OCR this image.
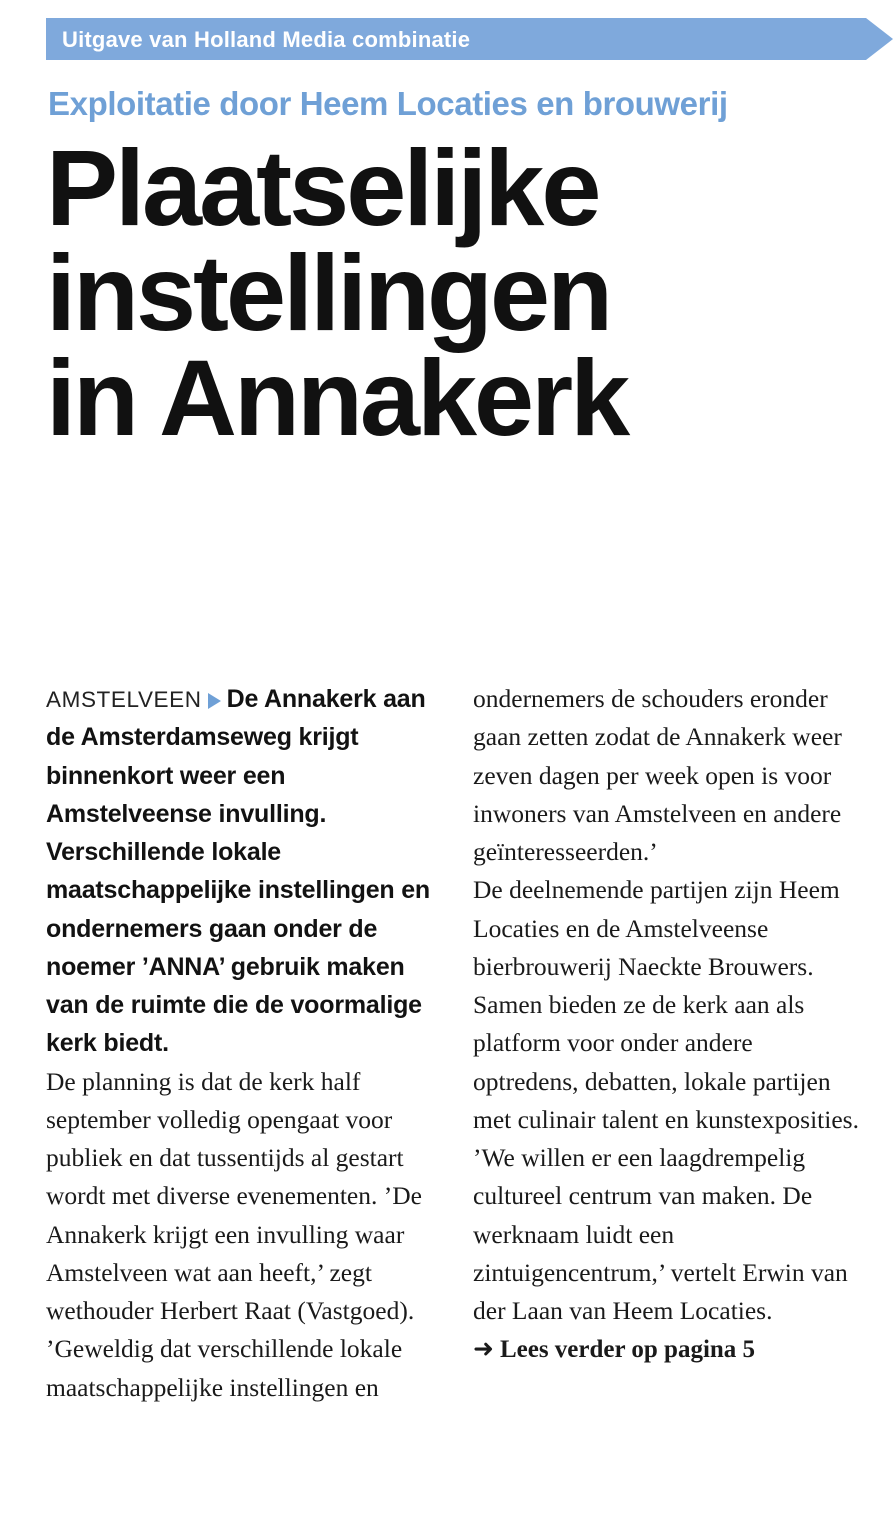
Uitgave van Holland Media combinatie
Exploitatie door Heem Locaties en brouwerij
Plaatselijke
instellingen
in Annakerk

AMSTELVEEN De Annakerk aan de Amsterdamseweg krijgt binnenkort weer een Amstelveense invulling. Verschillende lokale maatschappelijke instellingen en ondernemers gaan onder de noemer ’ANNA’ gebruik maken van de ruimte die de voormalige kerk biedt.

De planning is dat de kerk half september volledig opengaat voor publiek en dat tussentijds al gestart wordt met diverse evenementen. ’De Annakerk krijgt een invulling waar Amstelveen wat aan heeft,’ zegt wethouder Herbert Raat (Vastgoed). ’Geweldig dat verschillende lokale maatschappelijke instellingen en

ondernemers de schouders eronder gaan zetten zodat de Annakerk weer zeven dagen per week open is voor inwoners van Amstelveen en andere geïnteresseerden.’

De deelnemende partijen zijn Heem Locaties en de Amstelveense bierbrouwerij Naeckte Brouwers. Samen bieden ze de kerk aan als platform voor onder andere optredens, debatten, lokale partijen met culinair talent en kunstexposities.

’We willen er een laagdrempelig cultureel centrum van maken. De werknaam luidt een zintuigencentrum,’ vertelt Erwin van der Laan van Heem Locaties.

➜ Lees verder op pagina 5
